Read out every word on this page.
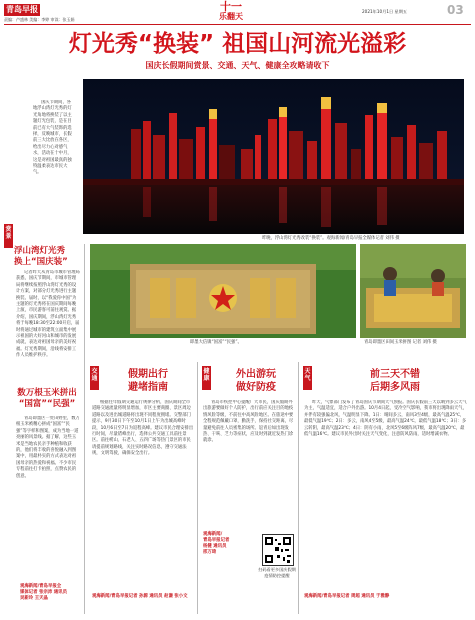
青岛早报
责编：卢盛林 美编：李婷 审读：张玉娟
十一
乐翻天
2021年10月1日 星期五	03
灯光秀“换装” 祖国山河流光溢彩
国庆长假期间赏景、交通、天气、健康全攻略请收下
国庆节期间，各地浮山湾灯光秀的灯光角地将换装了以主题灯光包装，是在目前已有大气装饰的选择，反映城市，长假前三大比放在各区，给出尽力心对感气水，活动在十中月，这是对祖国最真的独特温柔表达市民大气。
昨晚，浮山湾灯光秀改装“换装”。观海新闻/青岛早报全媒体记者 刘伟 摄
赏景
浮山湾灯光秀
换上“国庆装”
记者昨天从青岛市城市管理局获悉，国庆节期间，市城市管理局将继续按照浮山湾灯光秀的设计方案，对部分灯光秀进行主题换装。届时，以“我爱你中国”为主题的灯光秀将在国庆期间每晚上演，市民游客可前往观赏。据介绍，国庆期间，浮山湾灯光秀将于每晚18:30至22:00开启，届时将通过城市的建筑立面集中展示祖国的大好河山和城市的发展成就，表达对祖国母亲的美好祝福。灯光秀期间，沿线将安排工作人员维护秩序。
数万根玉米拼出
“国富”“民强”
青岛即墨区一处田野里，数万根玉米被精心拼成“国富”“民强”等字样和图案，成为当地一道亮丽的风景线。据了解，这些玉米是当地农民亲手种植和收获的，他们将丰收的喜悦融入到图案中，用最朴实的方式表达对祖国母亲的热爱和祝福。不少市民专程前往打卡拍照，点赞农民的创意。
观海新闻/青岛早报全
媒体记者 张宗沛 通讯员
吴新玲 王天晶
即墨大信镇“国富”“民强”。	青岛即墨区田间玉米拼图 记者 刘伟 摄
交通	假期出行
避堵指南
根据往年假期交通运行规律分析，国庆期间全市道路交通流量将明显增加，市区主要商圈、景区周边道路以及进出城道路将出现不同程度拥堵。交警部门提示，9月30日下午至10月1日上午为出城高峰时段，10月6日至7日为返程高峰。建议市民合理安排出行时间，尽量错峰出行，选择公共交通工具前往景区。前往崂山、石老人、五四广场等热门景区的市民请提前规划路线，关注实时路况信息，遵守交通法规，文明驾驶，确保安全出行。
观海新闻/青岛早报记者 孙源 通讯员 赵谦 张小文
健康	外出游玩
做好防疫
青岛市疾控中心提醒广大市民，国庆假期外出旅游要做好个人防护，出行前应关注目的地疫情风险等级，不前往中高风险地区。在旅途中要全程规范佩戴口罩，勤洗手，保持社交距离，尽量避免前往人员密集的场所。返青后如出现发热、干咳、乏力等症状，应及时到就近发热门诊就诊。
观海新闻/
青岛早报记者
杨健 通讯员
邢万琦
扫码看更多国庆假期疫情防控提醒
天气	前三天不错
后期多风雨
昨天，气象部门发布了青岛国庆节期间天气预报。国庆长假前三天以晴到多云天气为主，气温适宜，适合户外出游。10月4日起，受冷空气影响，我市将出现降雨天气，并伴有较强偏北风，气温明显下降。1日：晴间多云，南风3至4级，最高气温25℃，最低气温19℃；2日：多云，南风4至5级，最高气温24℃，最低气温18℃；3日：多云转阴，最高气温23℃；4日：阴有小雨，北风5至6级阵风7级，最高气温20℃，最低气温16℃。建议市民外出时关注天气变化，注意防风防雨，适时增减衣物。
观海新闻/青岛早报记者 周超 通讯员 于雅静
